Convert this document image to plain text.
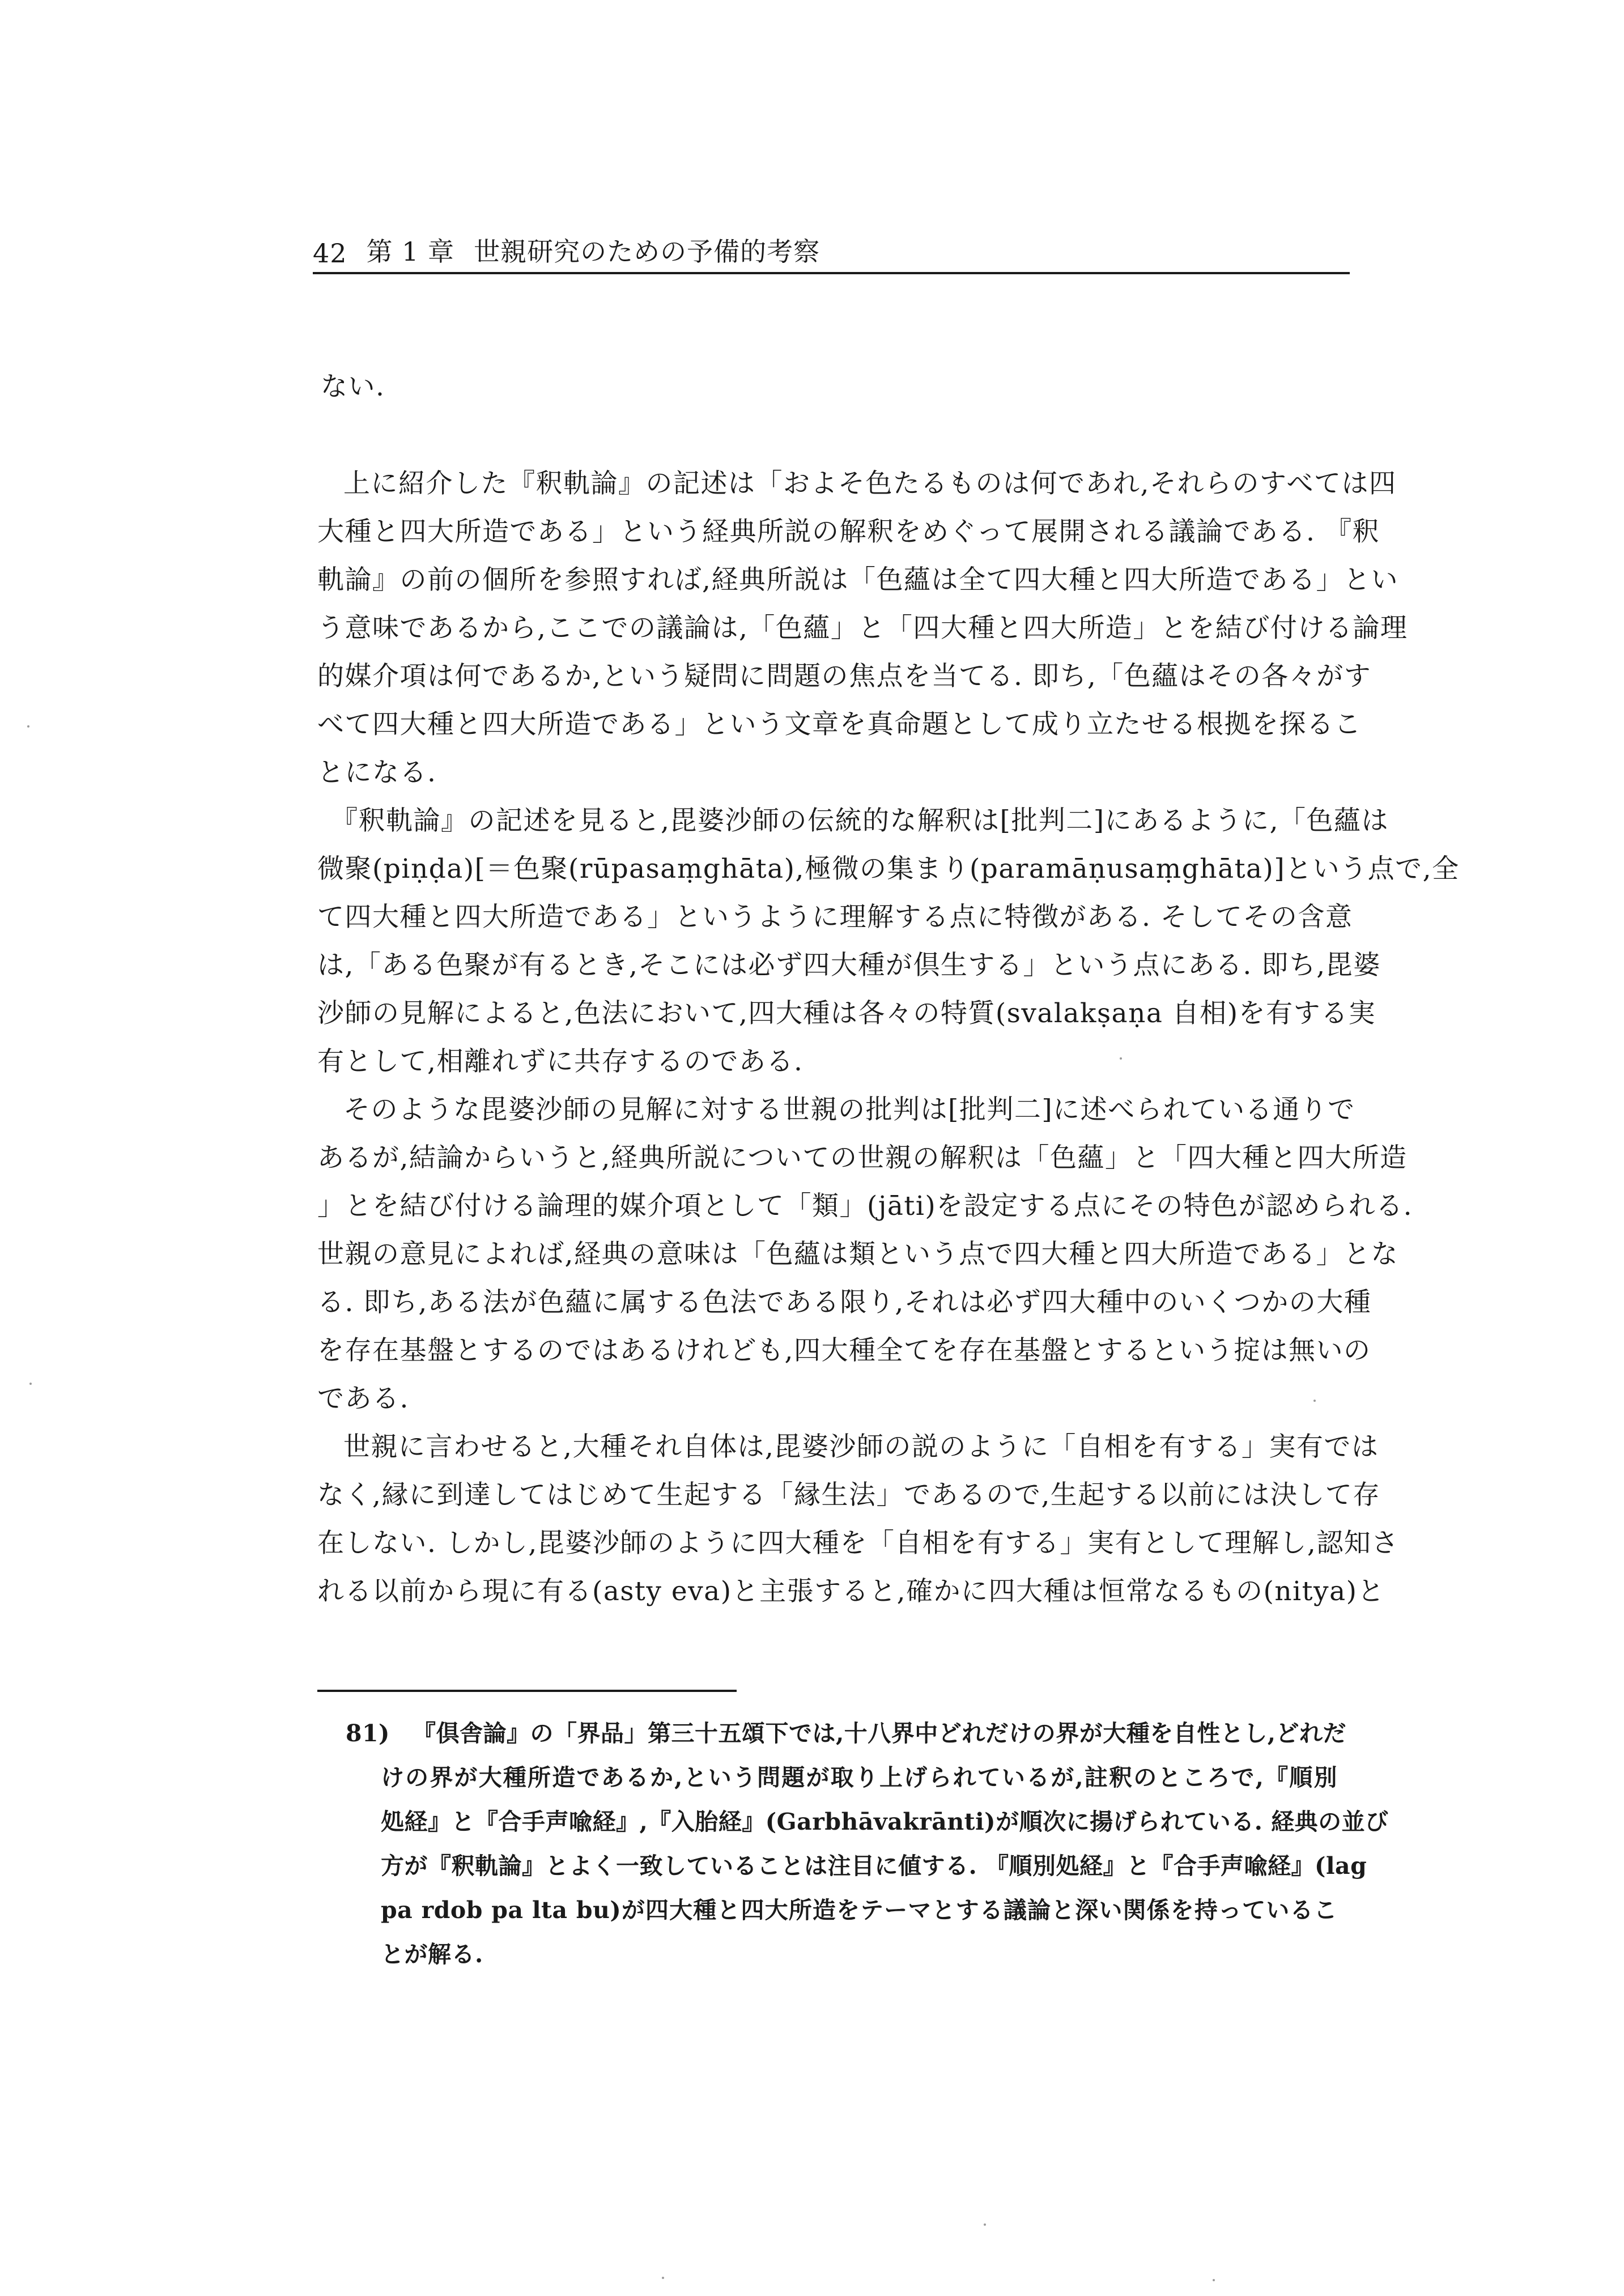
42 第 1 章 世親研究のための予備的考察
ない.
上に紹介した『釈軌論』の記述は「およそ色たるものは何であれ,それらのすべては四
大種と四大所造である」という経典所説の解釈をめぐって展開される議論である. 『釈
軌論』の前の個所を参照すれば,経典所説は「色蘊は全て四大種と四大所造である」とい
う意味であるから,ここでの議論は,「色蘊」と「四大種と四大所造」とを結び付ける論理
的媒介項は何であるか,という疑問に問題の焦点を当てる. 即ち,「色蘊はその各々がす
べて四大種と四大所造である」という文章を真命題として成り立たせる根拠を探るこ
とになる.
『釈軌論』の記述を見ると,毘婆沙師の伝統的な解釈は[批判二]にあるように,「色蘊は
微聚(piṇḍa)[＝色聚(rūpasaṃghāta),極微の集まり(paramāṇusaṃghāta)]という点で,全
て四大種と四大所造である」というように理解する点に特徴がある. そしてその含意
は,「ある色聚が有るとき,そこには必ず四大種が倶生する」という点にある. 即ち,毘婆
沙師の見解によると,色法において,四大種は各々の特質(svalakṣaṇa 自相)を有する実
有として,相離れずに共存するのである.
そのような毘婆沙師の見解に対する世親の批判は[批判二]に述べられている通りで
あるが,結論からいうと,経典所説についての世親の解釈は「色蘊」と「四大種と四大所造
」とを結び付ける論理的媒介項として「類」(jāti)を設定する点にその特色が認められる.
世親の意見によれば,経典の意味は「色蘊は類という点で四大種と四大所造である」とな
る. 即ち,ある法が色蘊に属する色法である限り,それは必ず四大種中のいくつかの大種
を存在基盤とするのではあるけれども,四大種全てを存在基盤とするという掟は無いの
である.
世親に言わせると,大種それ自体は,毘婆沙師の説のように「自相を有する」実有では
なく,縁に到達してはじめて生起する「縁生法」であるので,生起する以前には決して存
在しない. しかし,毘婆沙師のように四大種を「自相を有する」実有として理解し,認知さ
れる以前から現に有る(asty eva)と主張すると,確かに四大種は恒常なるもの(nitya)と
81) 『倶舎論』の「界品」第三十五頌下では,十八界中どれだけの界が大種を自性とし,どれだ
けの界が大種所造であるか,という問題が取り上げられているが,註釈のところで,『順別
処経』と『合手声喩経』,『入胎経』(Garbhāvakrānti)が順次に揚げられている. 経典の並び
方が『釈軌論』とよく一致していることは注目に値する. 『順別処経』と『合手声喩経』(lag
pa rdob pa lta bu)が四大種と四大所造をテーマとする議論と深い関係を持っているこ
とが解る.
